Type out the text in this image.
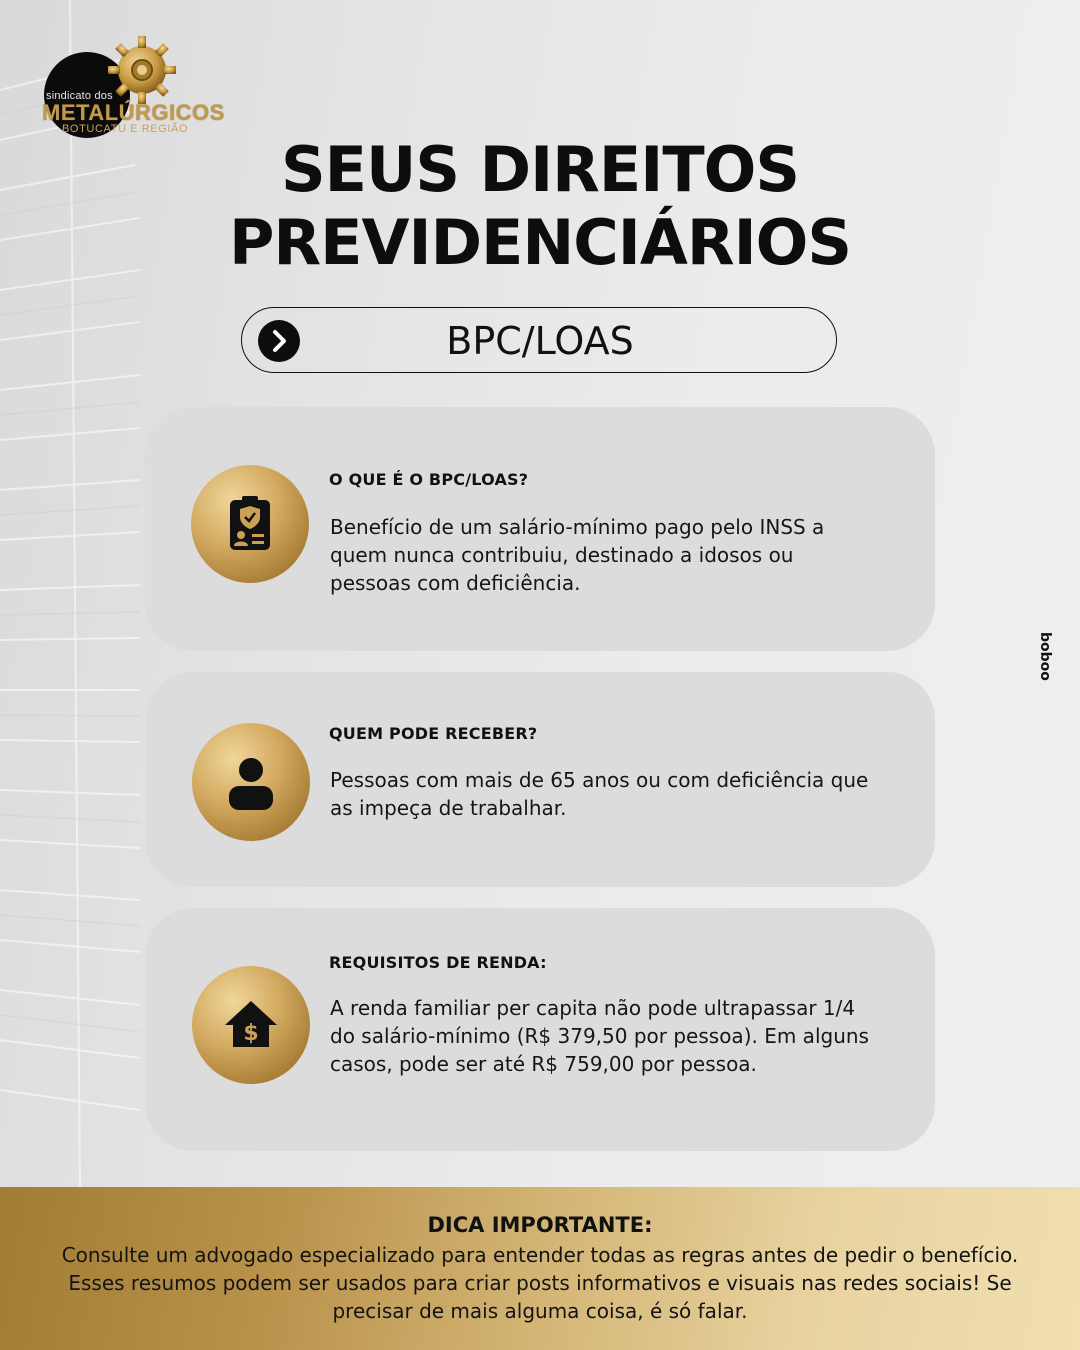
sindicato dos
METALÚRGICOS
BOTUCATU E REGIÃO
SEUS DIREITOS
PREVIDENCIÁRIOS
BPC/LOAS
O QUE É O BPC/LOAS?
Benefício de um salário-mínimo pago pelo INSS a quem nunca contribuiu, destinado a idosos ou pessoas com deficiência.
QUEM PODE RECEBER?
Pessoas com mais de 65 anos ou com deficiência que as impeça de trabalhar.
$
REQUISITOS DE RENDA:
A renda familiar per capita não pode ultrapassar 1/4 do salário-mínimo (R$ 379,50 por pessoa). Em alguns casos, pode ser até R$ 759,00 por pessoa.
boboo
DICA IMPORTANTE:
Consulte um advogado especializado para entender todas as regras antes de pedir o benefício. Esses resumos podem ser usados para criar posts informativos e visuais nas redes sociais! Se precisar de mais alguma coisa, é só falar.
